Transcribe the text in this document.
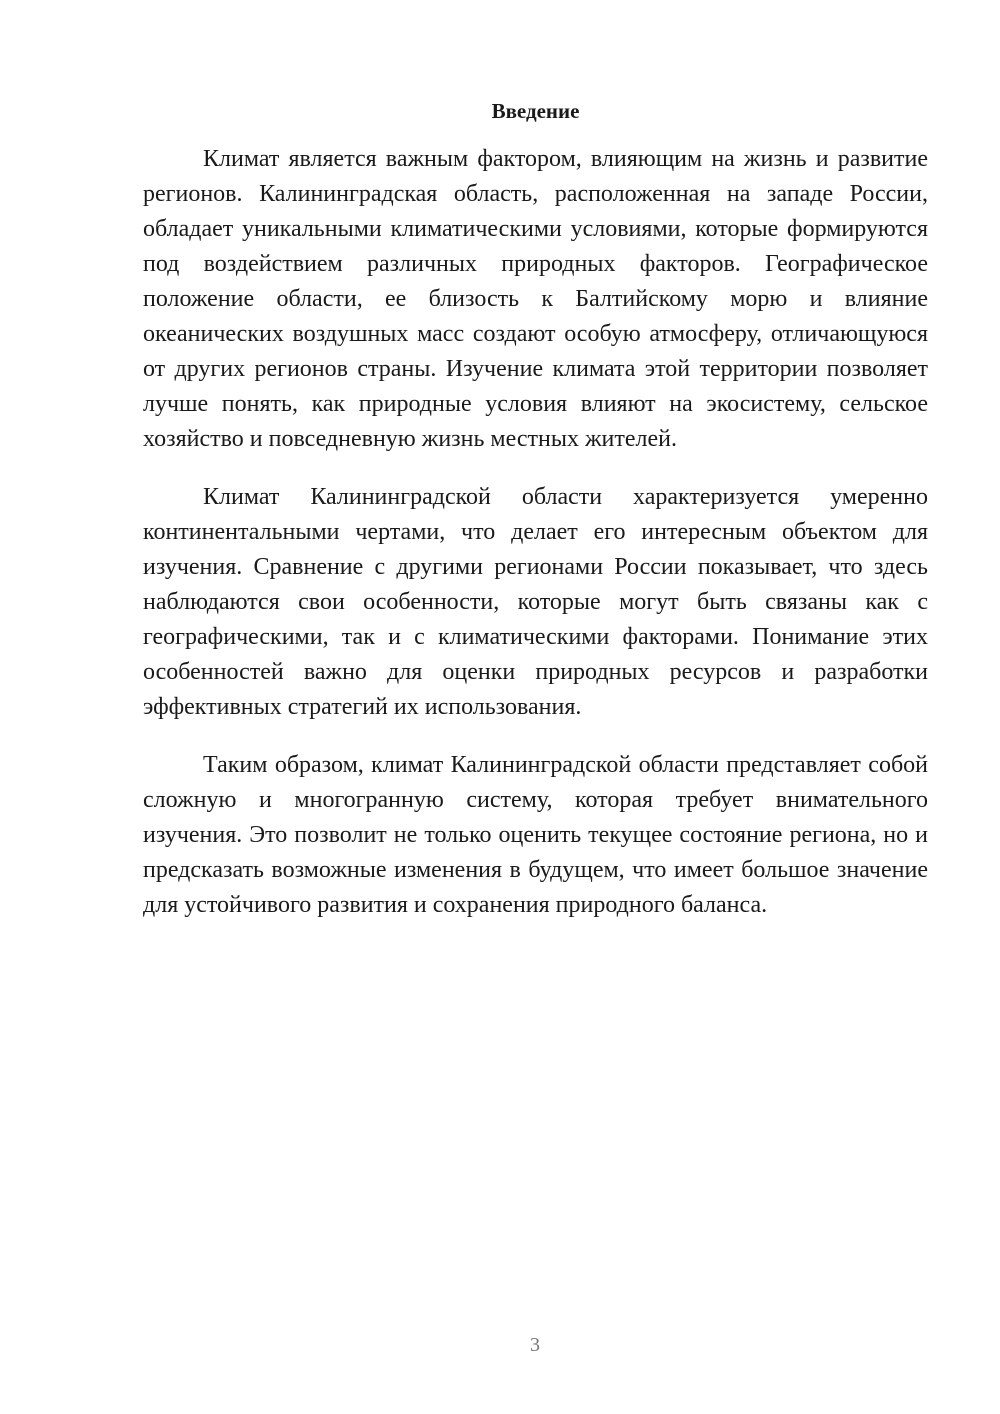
Введение

Климат является важным фактором, влияющим на жизнь и развитие регионов. Калининградская область, расположенная на западе России, обладает уникальными климатическими условиями, которые формируются под воздействием различных природных факторов. Географическое положение области, ее близость к Балтийскому морю и влияние океанических воздушных масс создают особую атмосферу, отличающуюся от других регионов страны. Изучение климата этой территории позволяет лучше понять, как природные условия влияют на экосистему, сельское хозяйство и повседневную жизнь местных жителей.

Климат Калининградской области характеризуется умеренно континентальными чертами, что делает его интересным объектом для изучения. Сравнение с другими регионами России показывает, что здесь наблюдаются свои особенности, которые могут быть связаны как с географическими, так и с климатическими факторами. Понимание этих особенностей важно для оценки природных ресурсов и разработки эффективных стратегий их использования.

Таким образом, климат Калининградской области представляет собой сложную и многогранную систему, которая требует внимательного изучения. Это позволит не только оценить текущее состояние региона, но и предсказать возможные изменения в будущем, что имеет большое значение для устойчивого развития и сохранения природного баланса.

3
